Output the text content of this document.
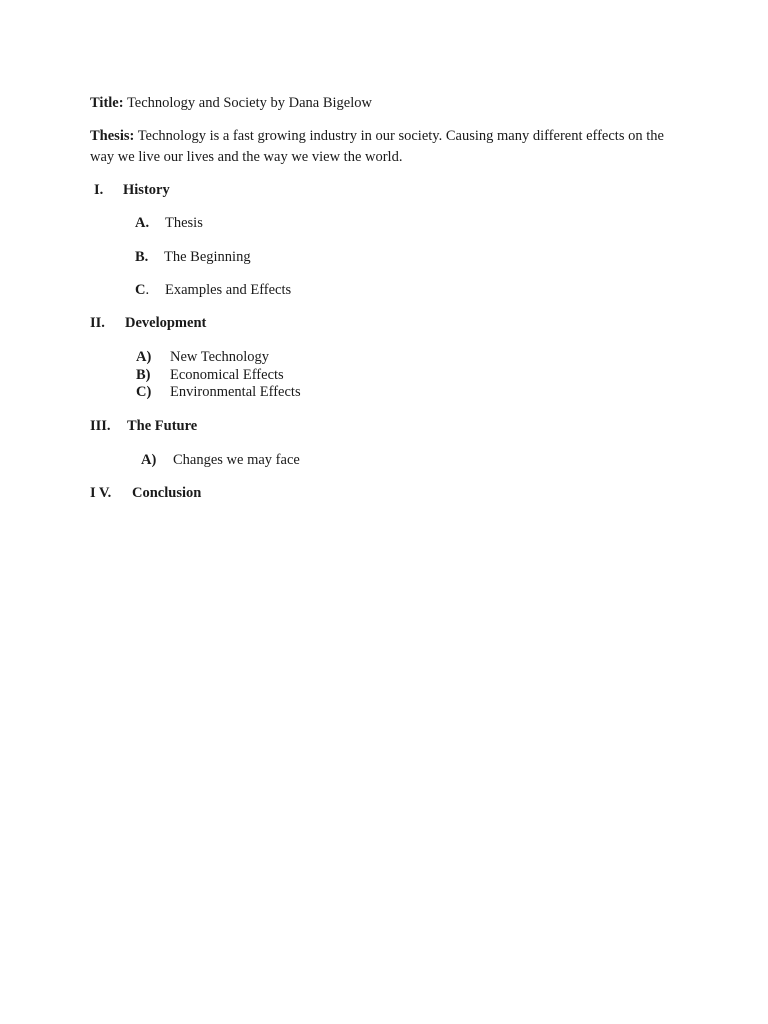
Title: Technology and Society by Dana Bigelow
Thesis: Technology is a fast growing industry in our society. Causing many different effects on the way we live our lives and the way we view the world.
I. History
A. Thesis
B. The Beginning
C. Examples and Effects
II. Development
A) New Technology
B) Economical Effects
C) Environmental Effects
III. The Future
A) Changes we may face
I V. Conclusion
